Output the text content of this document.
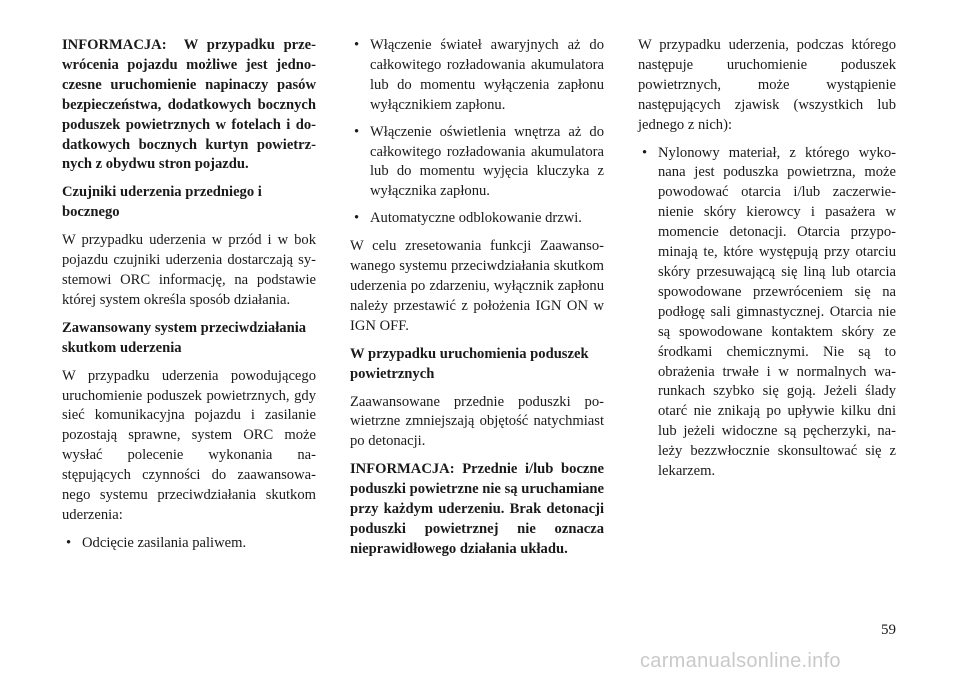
INFORMACJA: W przypadku przewrócenia pojazdu możliwe jest jednoczesne uruchomienie napinaczy pasów bezpieczeństwa, dodatkowych bocznych poduszek powietrznych w fotelach i dodatkowych bocznych kurtyn powietrznych z obydwu stron pojazdu.

Czujniki uderzenia przedniego i bocznego

W przypadku uderzenia w przód i w bok pojazdu czujniki uderzenia dostarczają systemowi ORC informację, na podstawie której system określa sposób działania.

Zawansowany system przeciwdziałania skutkom uderzenia

W przypadku uderzenia powodującego uruchomienie poduszek powietrznych, gdy sieć komunikacyjna pojazdu i zasilanie pozostają sprawne, system ORC może wysłać polecenie wykonania następujących czynności do zaawansowanego systemu przeciwdziałania skutkom uderzenia:

• Odcięcie zasilania paliwem.
• Włączenie świateł awaryjnych aż do całkowitego rozładowania akumulatora lub do momentu wyłączenia zapłonu wyłącznikiem zapłonu.
• Włączenie oświetlenia wnętrza aż do całkowitego rozładowania akumulatora lub do momentu wyjęcia kluczyka z wyłącznika zapłonu.
• Automatyczne odblokowanie drzwi.

W celu zresetowania funkcji Zaawansowanego systemu przeciwdziałania skutkom uderzenia po zdarzeniu, wyłącznik zapłonu należy przestawić z położenia IGN ON w IGN OFF.

W przypadku uruchomienia poduszek powietrznych

Zaawansowane przednie poduszki powietrzne zmniejszają objętość natychmiast po detonacji.

INFORMACJA: Przednie i/lub boczne poduszki powietrzne nie są uruchamiane przy każdym uderzeniu. Brak detonacji poduszki powietrznej nie oznacza nieprawidłowego działania układu.

W przypadku uderzenia, podczas którego następuje uruchomienie poduszek powietrznych, może wystąpienie następujących zjawisk (wszystkich lub jednego z nich):

• Nylonowy materiał, z którego wykonana jest poduszka powietrzna, może powodować otarcia i/lub zaczerwienienie skóry kierowcy i pasażera w momencie detonacji. Otarcia przypominają te, które występują przy otarciu skóry przesuwającą się liną lub otarcia spowodowane przewróceniem się na podłogę sali gimnastycznej. Otarcia nie są spowodowane kontaktem skóry ze środkami chemicznymi. Nie są to obrażenia trwałe i w normalnych warunkach szybko się goją. Jeżeli ślady otarć nie znikają po upływie kilku dni lub jeżeli widoczne są pęcherzyki, należy bezzwłocznie skonsultować się z lekarzem.
59
carmanualsonline.info
